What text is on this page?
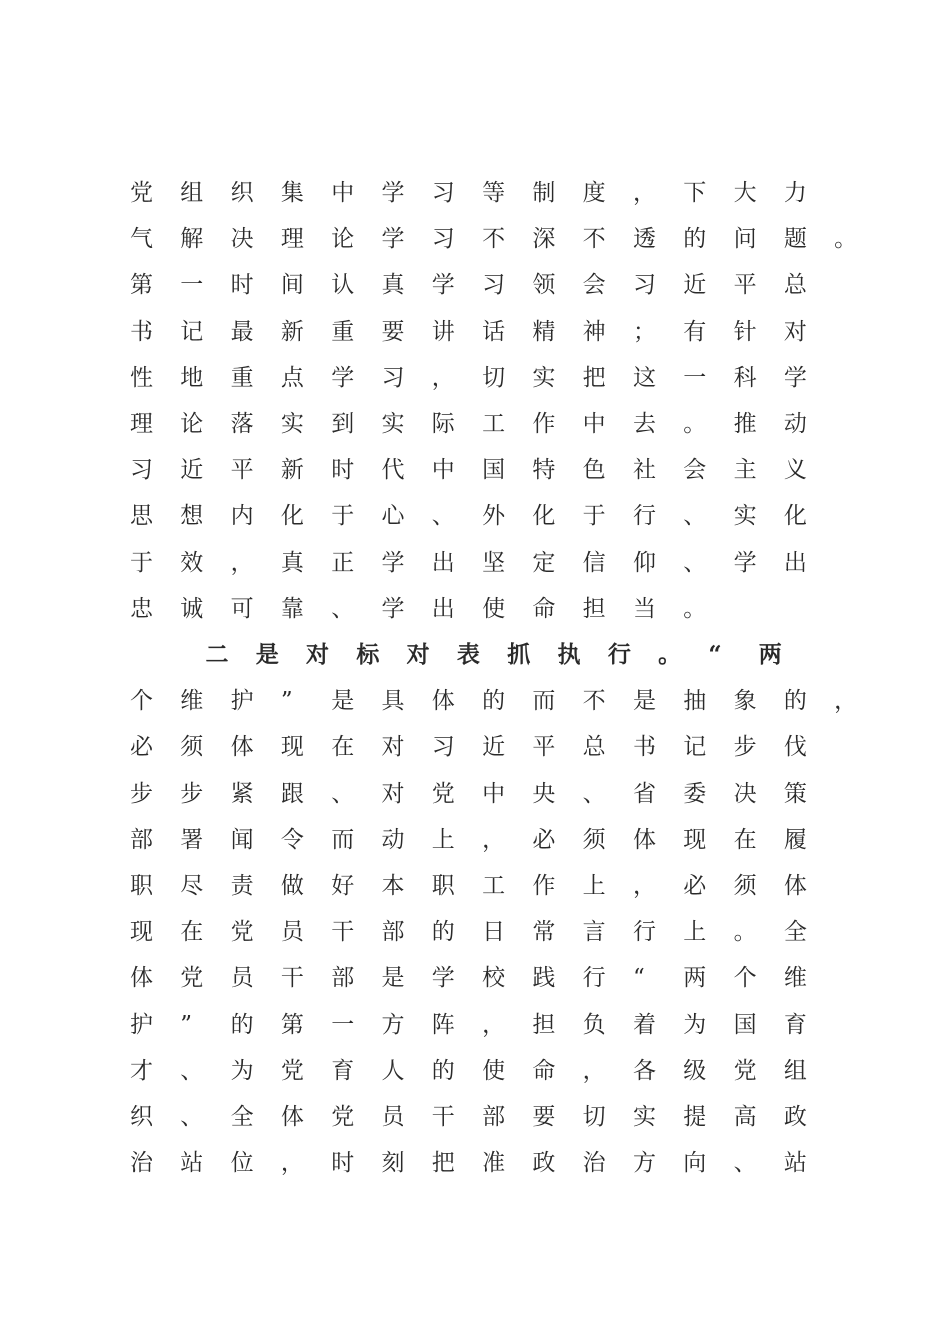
党	组	织	集	中	学	习	等	制	度	，	下	大	力
气	解	决	理	论	学	习	不	深	不	透	的	问	题	。
第	一	时	间	认	真	学	习	领	会	习	近	平	总
书	记	最	新	重	要	讲	话	精	神	；	有	针	对
性	地	重	点	学	习	，	切	实	把	这	一	科	学
理	论	落	实	到	实	际	工	作	中	去	。	推	动
习	近	平	新	时	代	中	国	特	色	社	会	主	义
思	想	内	化	于	心	、	外	化	于	行	、	实	化
于	效	，	真	正	学	出	坚	定	信	仰	、	学	出
忠	诚	可	靠	、	学	出	使	命	担	当	。
二	是	对	标	对	表	抓	执	行	。	“	两
个	维	护	”	是	具	体	的	而	不	是	抽	象	的	，
必	须	体	现	在	对	习	近	平	总	书	记	步	伐
步	步	紧	跟	、	对	党	中	央	、	省	委	决	策
部	署	闻	令	而	动	上	，	必	须	体	现	在	履
职	尽	责	做	好	本	职	工	作	上	，	必	须	体
现	在	党	员	干	部	的	日	常	言	行	上	。	全
体	党	员	干	部	是	学	校	践	行	“	两	个	维
护	”	的	第	一	方	阵	，	担	负	着	为	国	育
才	、	为	党	育	人	的	使	命	，	各	级	党	组
织	、	全	体	党	员	干	部	要	切	实	提	高	政
治	站	位	，	时	刻	把	准	政	治	方	向	、	站
